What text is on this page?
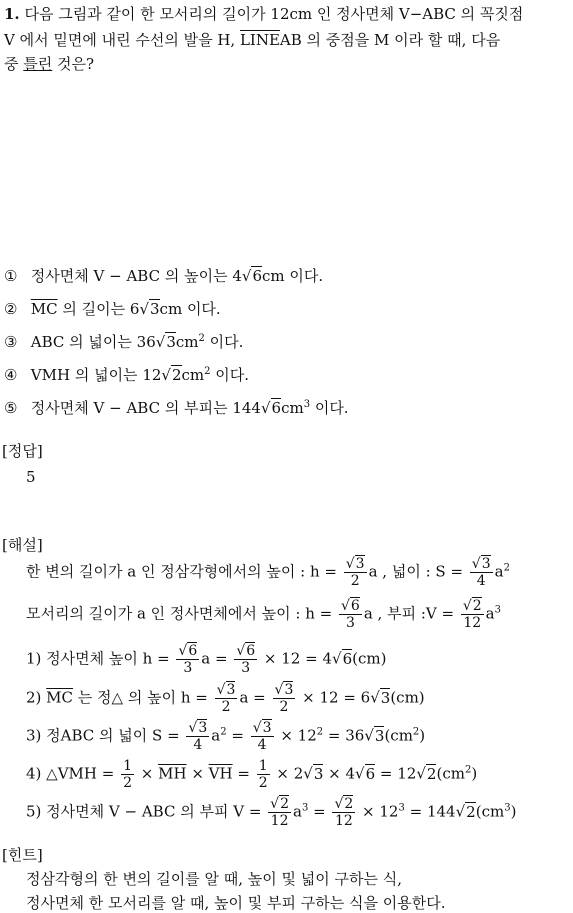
1. 다음 그림과 같이 한 모서리의 길이가 12cm 인 정사면체 V−ABC 의 꼭짓점
V 에서 밑면에 내린 수선의 발을 H, LINEAB 의 중점을 M 이라 할 때, 다음
중 틀린 것은?
① 정사면체 V − ABC 의 높이는 4√6cm 이다.
② $\overline{MC}$ 의 길이는 6√3cm 이다.
③ ABC 의 넓이는 $36√3cm^2$ 이다.
④ VMH 의 넓이는 $12√2cm^2$ 이다.
⑤ 정사면체 V − ABC 의 부피는 $144√6cm^3$ 이다.
[정답]
5
[해설]
한 변의 길이가 a 인 정삼각형에서의 높이 : $h = \frac{√3}{2}$ a , 넓이 : $S = \frac{√3}{4} a^2$
모서리의 길이가 a 인 정사면체에서 높이 : $h = \frac{√6}{3}$ a , 부피 :V = $\frac{√2}{12} a^3$
1) 정사면체 높이 $h = \frac{√6}{3}$ $a = \frac{√6}{3} \times 12 = 4√6(cm)$
2) $\overline{MC}$ 는 정△ 의 높이 $h = \frac{√3}{2}$ $a = \frac{√3}{2} \times 12 = 6√3(cm)$
3) 정ABC 의 넓이 $S = \frac{√3}{4} a^2 = \frac{√3}{4} \times 12^2 = 36√3(cm^2)$
4) △VMH = $\frac{1}{2} \times \overline{MH} \times \overline{VH} = \frac{1}{2} \times 2√3 \times 4√6 = 12√2(cm^2)$
5) 정사면체 V − ABC 의 부피 $V = \frac{√2}{12} a^3 = \frac{√2}{12} \times 12^3 = 144√2(cm^3)$
[힌트]
정삼각형의 한 변의 길이를 알 때, 높이 및 넓이 구하는 식,
정사면체 한 모서리를 알 때, 높이 및 부피 구하는 식을 이용한다.
